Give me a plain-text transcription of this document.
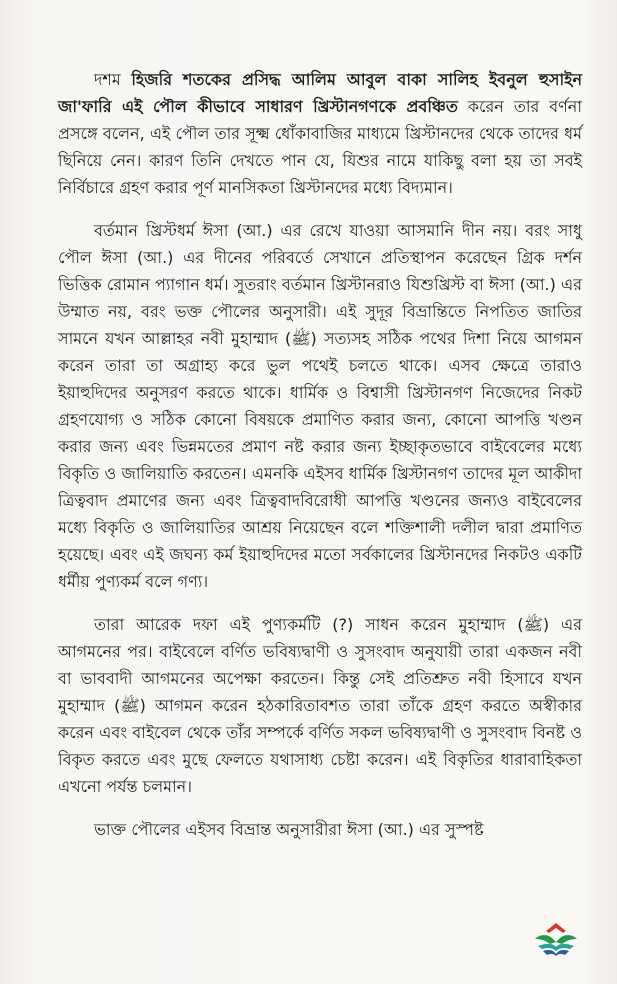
দশম হিজরি শতকের প্রসিদ্ধ আলিম আবুল বাকা সালিহ ইবনুল হুসাইন জা'ফারি এই পৌল কীভাবে সাধারণ খ্রিস্টানগণকে প্রবঞ্চিত করেন তার বর্ণনা প্রসঙ্গে বলেন, এই পৌল তার সূক্ষ্ম ধোঁকাবাজির মাধ্যমে খ্রিস্টানদের থেকে তাদের ধর্ম ছিনিয়ে নেন। কারণ তিনি দেখতে পান যে, যিশুর নামে যাকিছু বলা হয় তা সবই নির্বিচারে গ্রহণ করার পূর্ণ মানসিকতা খ্রিস্টানদের মধ্যে বিদ্যমান।

বর্তমান খ্রিস্টধর্ম ঈসা (আ.) এর রেখে যাওয়া আসমানি দীন নয়। বরং সাধু পৌল ঈসা (আ.) এর দীনের পরিবর্তে সেখানে প্রতিস্থাপন করেছেন গ্রিক দর্শন ভিত্তিক রোমান প্যাগান ধর্ম। সুতরাং বর্তমান খ্রিস্টানরাও যিশুখ্রিস্ট বা ঈসা (আ.) এর উম্মাত নয়, বরং ভক্ত পৌলের অনুসারী। এই সুদূর বিভ্রান্তিতে নিপতিত জাতির সামনে যখন আল্লাহর নবী মুহাম্মাদ (ﷺ) সত্যসহ সঠিক পথের দিশা নিয়ে আগমন করেন তারা তা অগ্রাহ্য করে ভুল পথেই চলতে থাকে। এসব ক্ষেত্রে তারাও ইয়াহুদিদের অনুসরণ করতে থাকে। ধার্মিক ও বিশ্বাসী খ্রিস্টানগণ নিজেদের নিকট গ্রহণযোগ্য ও সঠিক কোনো বিষয়কে প্রমাণিত করার জন্য, কোনো আপত্তি খণ্ডন করার জন্য এবং ভিন্নমতের প্রমাণ নষ্ট করার জন্য ইচ্ছাকৃতভাবে বাইবেলের মধ্যে বিকৃতি ও জালিয়াতি করতেন। এমনকি এইসব ধার্মিক খ্রিস্টানগণ তাদের মূল আকীদা ত্রিত্ববাদ প্রমাণের জন্য এবং ত্রিত্ববাদবিরোধী আপত্তি খণ্ডনের জন্যও বাইবেলের মধ্যে বিকৃতি ও জালিয়াতির আশ্রয় নিয়েছেন বলে শক্তিশালী দলীল দ্বারা প্রমাণিত হয়েছে। এবং এই জঘন্য কর্ম ইয়াহুদিদের মতো সর্বকালের খ্রিস্টানদের নিকটও একটি ধর্মীয় পুণ্যকর্ম বলে গণ্য।

তারা আরেক দফা এই পুণ্যকর্মটি (?) সাধন করেন মুহাম্মাদ (ﷺ) এর আগমনের পর। বাইবেলে বর্ণিত ভবিষ্যদ্বাণী ও সুসংবাদ অনুযায়ী তারা একজন নবী বা ভাববাদী আগমনের অপেক্ষা করতেন। কিন্তু সেই প্রতিশ্রুত নবী হিসাবে যখন মুহাম্মাদ (ﷺ) আগমন করেন হঠকারিতাবশত তারা তাঁকে গ্রহণ করতে অস্বীকার করেন এবং বাইবেল থেকে তাঁর সম্পর্কে বর্ণিত সকল ভবিষ্যদ্বাণী ও সুসংবাদ বিনষ্ট ও বিকৃত করতে এবং মুছে ফেলতে যথাসাধ্য চেষ্টা করেন। এই বিকৃতির ধারাবাহিকতা এখনো পর্যন্ত চলমান।

ভাক্ত পৌলের এইসব বিভ্রান্ত অনুসারীরা ঈসা (আ.) এর সুস্পষ্ট
